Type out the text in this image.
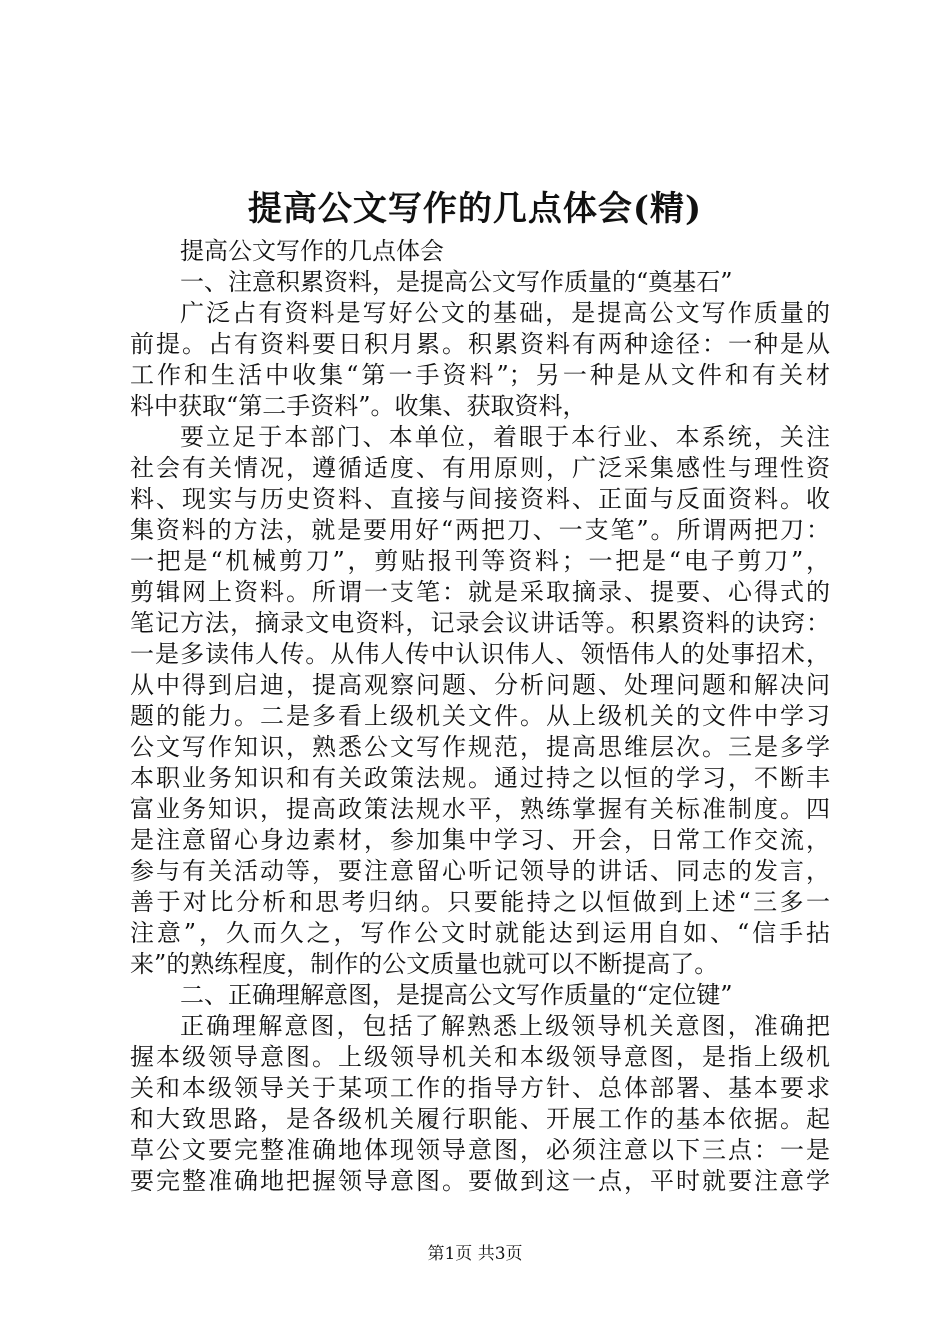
提高公文写作的几点体会(精)
提高公文写作的几点体会
一、注意积累资料，是提高公文写作质量的“奠基石”
广泛占有资料是写好公文的基础，是提高公文写作质量的
前提。占有资料要日积月累。积累资料有两种途径：一种是从
工作和生活中收集“第一手资料”；另一种是从文件和有关材
料中获取“第二手资料”。收集、获取资料，
要立足于本部门、本单位，着眼于本行业、本系统，关注
社会有关情况，遵循适度、有用原则，广泛采集感性与理性资
料、现实与历史资料、直接与间接资料、正面与反面资料。收
集资料的方法，就是要用好“两把刀、一支笔”。所谓两把刀：
一把是“机械剪刀”，剪贴报刊等资料；一把是“电子剪刀”，
剪辑网上资料。所谓一支笔：就是采取摘录、提要、心得式的
笔记方法，摘录文电资料，记录会议讲话等。积累资料的诀窍：
一是多读伟人传。从伟人传中认识伟人、领悟伟人的处事招术，
从中得到启迪，提高观察问题、分析问题、处理问题和解决问
题的能力。二是多看上级机关文件。从上级机关的文件中学习
公文写作知识，熟悉公文写作规范，提高思维层次。三是多学
本职业务知识和有关政策法规。通过持之以恒的学习，不断丰
富业务知识，提高政策法规水平，熟练掌握有关标准制度。四
是注意留心身边素材，参加集中学习、开会，日常工作交流，
参与有关活动等，要注意留心听记领导的讲话、同志的发言，
善于对比分析和思考归纳。只要能持之以恒做到上述“三多一
注意”，久而久之，写作公文时就能达到运用自如、“信手拈
来”的熟练程度，制作的公文质量也就可以不断提高了。
二、正确理解意图，是提高公文写作质量的“定位键”
正确理解意图，包括了解熟悉上级领导机关意图，准确把
握本级领导意图。上级领导机关和本级领导意图，是指上级机
关和本级领导关于某项工作的指导方针、总体部署、基本要求
和大致思路，是各级机关履行职能、开展工作的基本依据。起
草公文要完整准确地体现领导意图，必须注意以下三点：一是
要完整准确地把握领导意图。要做到这一点，平时就要注意学
第1页 共3页
